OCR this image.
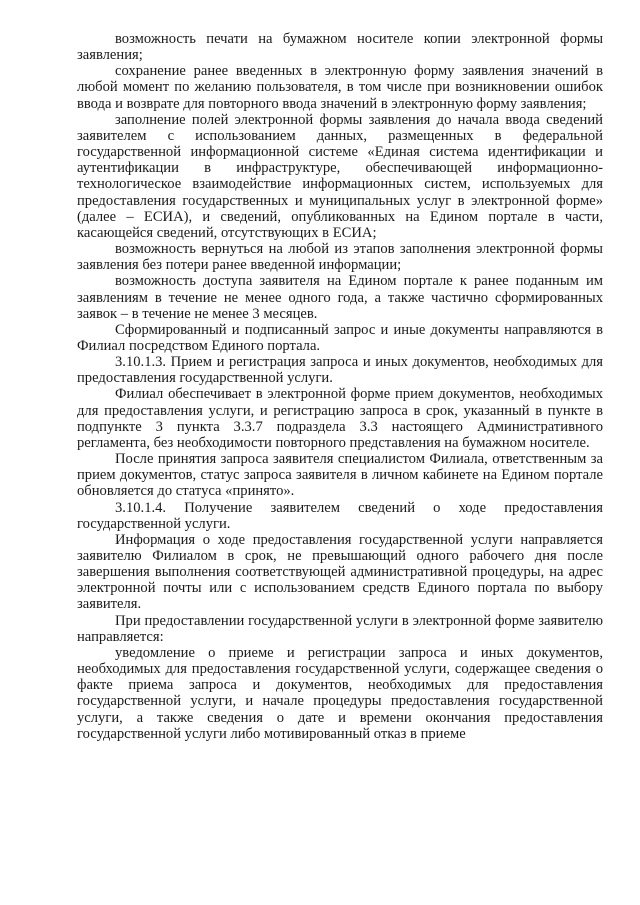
возможность печати на бумажном носителе копии электронной формы заявления;

сохранение ранее введенных в электронную форму заявления значений в любой момент по желанию пользователя, в том числе при возникновении ошибок ввода и возврате для повторного ввода значений в электронную форму заявления;

заполнение полей электронной формы заявления до начала ввода сведений заявителем с использованием данных, размещенных в федеральной государственной информационной системе «Единая система идентификации и аутентификации в инфраструктуре, обеспечивающей информационно-технологическое взаимодействие информационных систем, используемых для предоставления государственных и муниципальных услуг в электронной форме» (далее – ЕСИА), и сведений, опубликованных на Едином портале в части, касающейся сведений, отсутствующих в ЕСИА;

возможность вернуться на любой из этапов заполнения электронной формы заявления без потери ранее введенной информации;

возможность доступа заявителя на Едином портале к ранее поданным им заявлениям в течение не менее одного года, а также частично сформированных заявок – в течение не менее 3 месяцев.

Сформированный и подписанный запрос и иные документы направляются в Филиал посредством Единого портала.

3.10.1.3. Прием и регистрация запроса и иных документов, необходимых для предоставления государственной услуги.

Филиал обеспечивает в электронной форме прием документов, необходимых для предоставления услуги, и регистрацию запроса в срок, указанный в пункте в подпункте 3 пункта 3.3.7 подраздела 3.3 настоящего Административного регламента, без необходимости повторного представления на бумажном носителе.

После принятия запроса заявителя специалистом Филиала, ответственным за прием документов, статус запроса заявителя в личном кабинете на Едином портале обновляется до статуса «принято».

3.10.1.4. Получение заявителем сведений о ходе предоставления государственной услуги.

Информация о ходе предоставления государственной услуги направляется заявителю Филиалом в срок, не превышающий одного рабочего дня после завершения выполнения соответствующей административной процедуры, на адрес электронной почты или с использованием средств Единого портала по выбору заявителя.

При предоставлении государственной услуги в электронной форме заявителю направляется:

уведомление о приеме и регистрации запроса и иных документов, необходимых для предоставления государственной услуги, содержащее сведения о факте приема запроса и документов, необходимых для предоставления государственной услуги, и начале процедуры предоставления государственной услуги, а также сведения о дате и времени окончания предоставления государственной услуги либо мотивированный отказ в приеме
